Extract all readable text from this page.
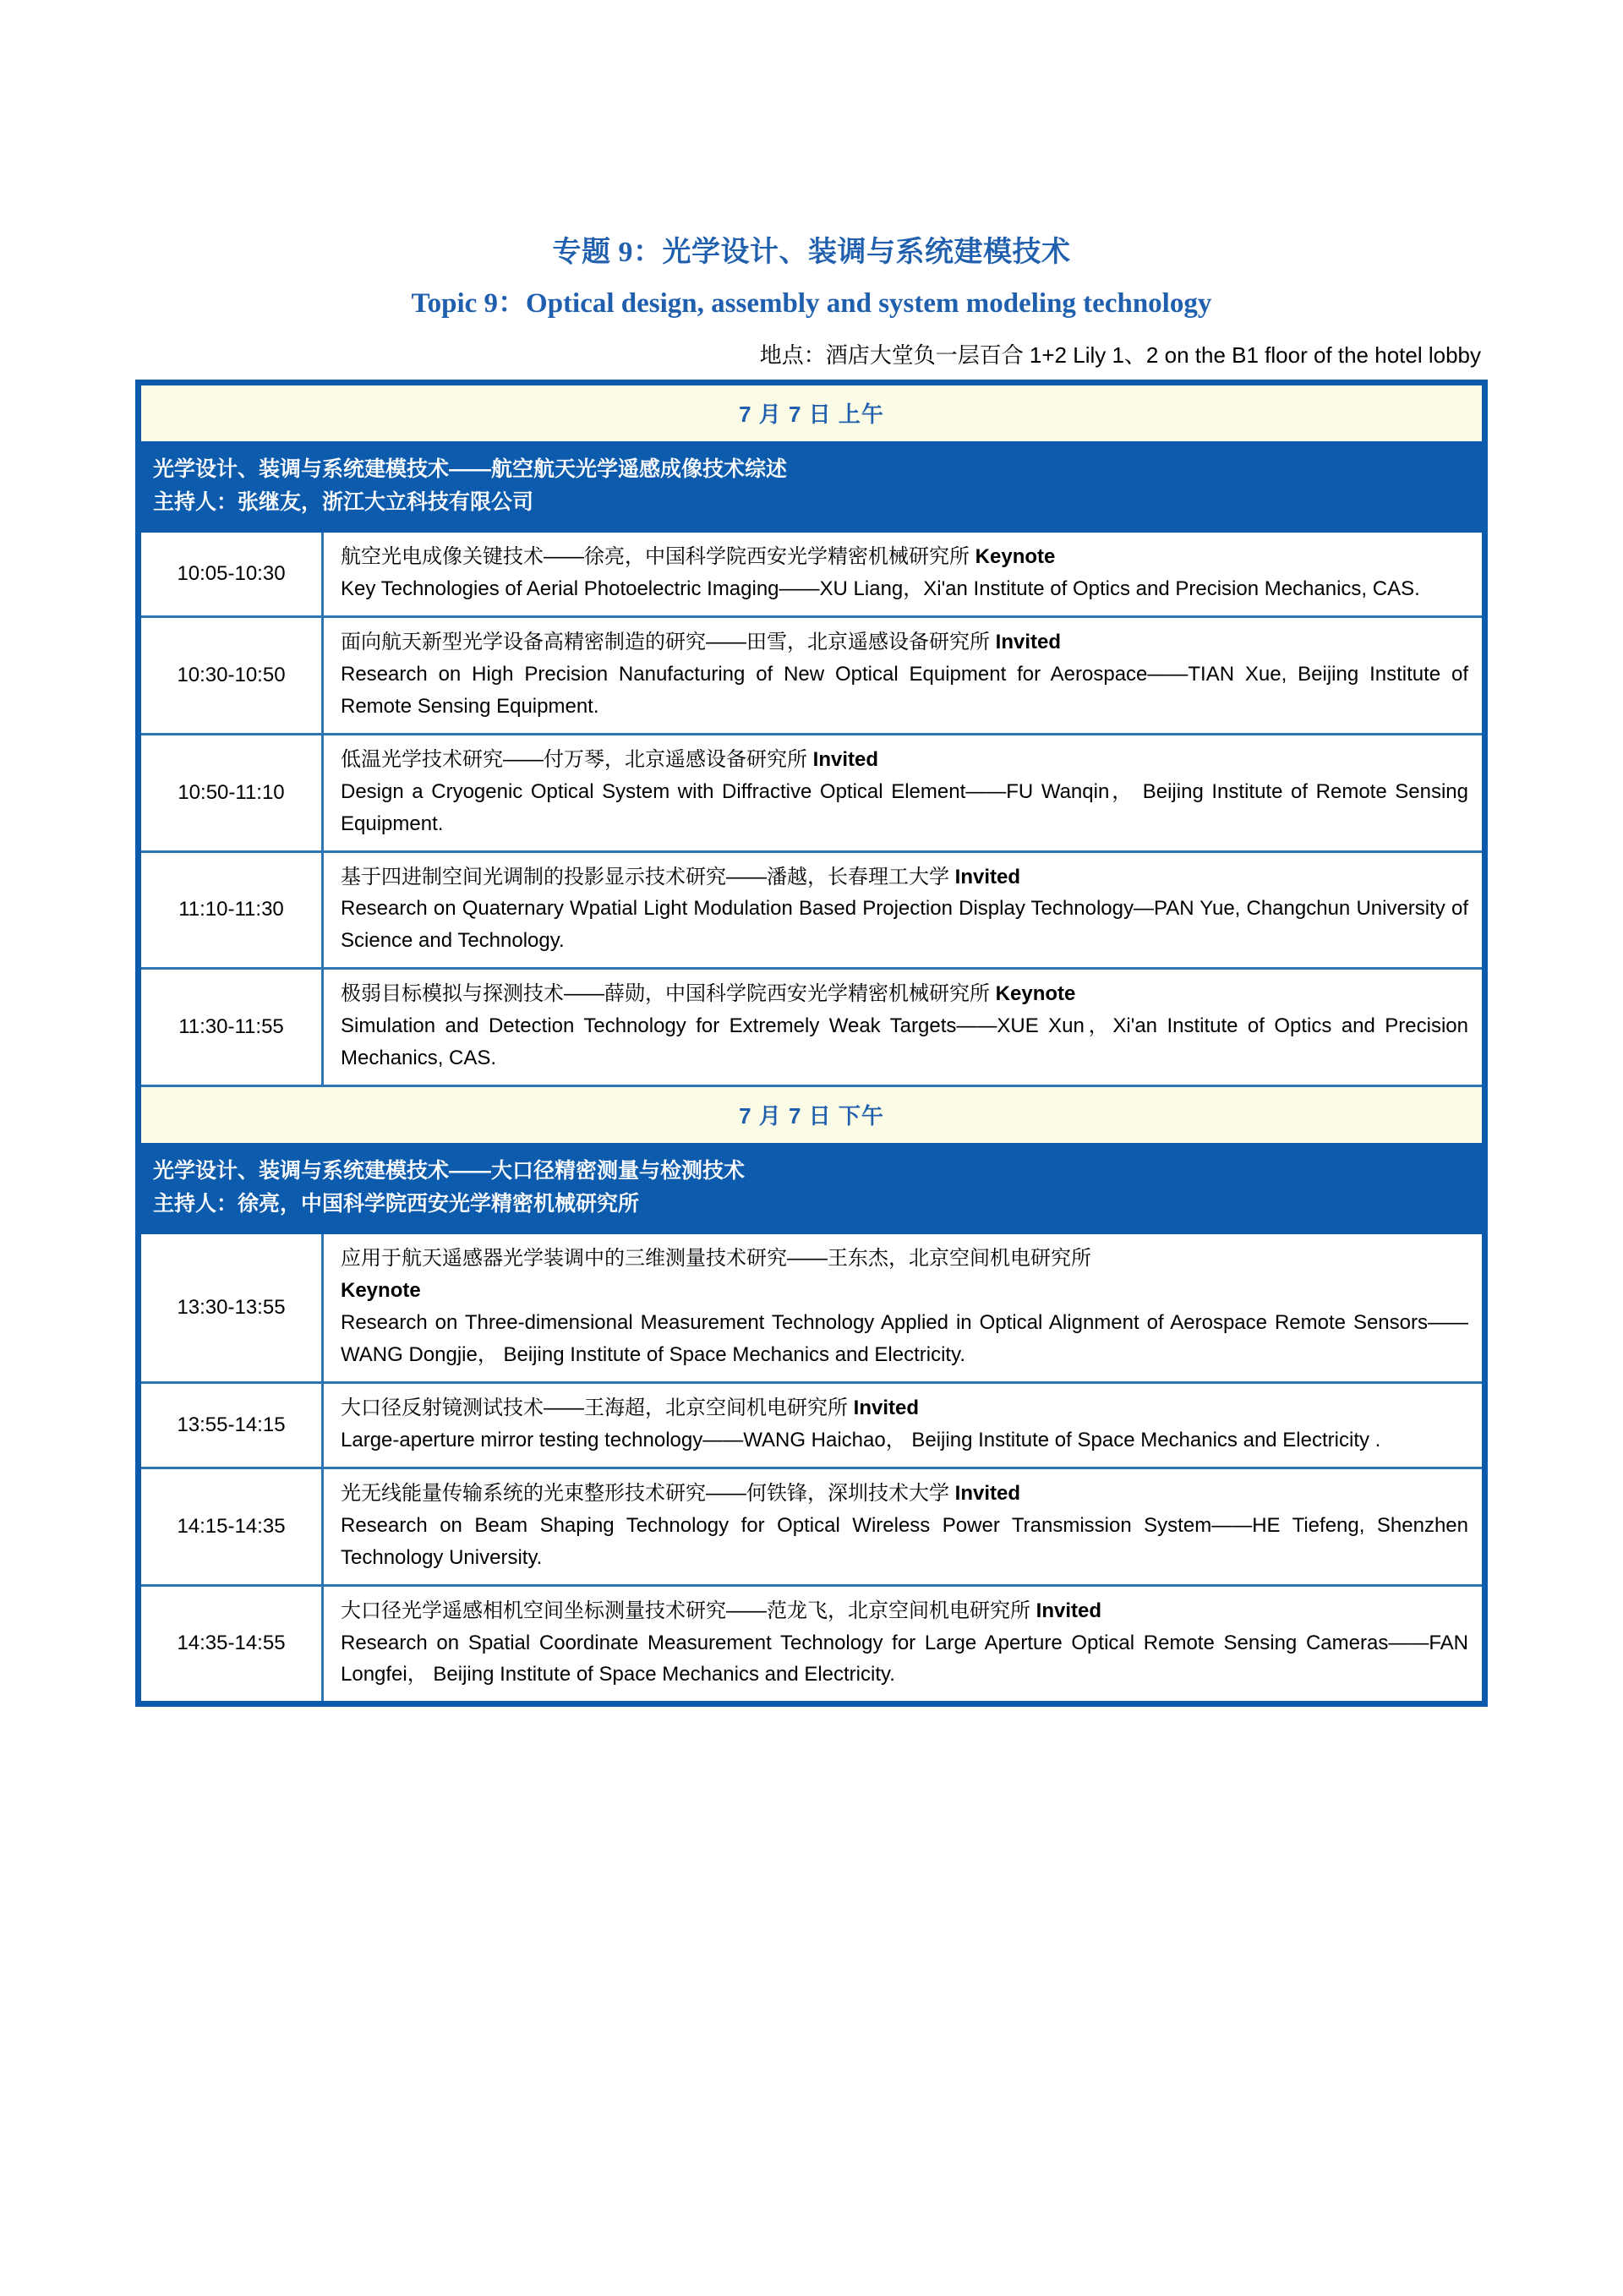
专题 9：光学设计、装调与系统建模技术
Topic 9：Optical design, assembly and system modeling technology
地点：酒店大堂负一层百合 1+2 Lily 1、2 on the B1 floor of the hotel lobby
7 月 7 日 上午	

光学设计、装调与系统建模技术——航空航天光学遥感成像技术综述
主持人：张继友，浙江大立科技有限公司	

10:05-10:30	航空光电成像关键技术——徐亮，中国科学院西安光学精密机械研究所 Keynote
Key Technologies of Aerial Photoelectric Imaging——XU Liang，Xi'an Institute of Optics and Precision Mechanics, CAS.

10:30-10:50	面向航天新型光学设备高精密制造的研究——田雪，北京遥感设备研究所 Invited
Research on High Precision Nanufacturing of New Optical Equipment for Aerospace——TIAN Xue, Beijing Institute of Remote Sensing Equipment.

10:50-11:10	低温光学技术研究——付万琴，北京遥感设备研究所 Invited
Design a Cryogenic Optical System with Diffractive Optical Element——FU Wanqin， Beijing Institute of Remote Sensing Equipment.

11:10-11:30	基于四进制空间光调制的投影显示技术研究——潘越，长春理工大学 Invited
Research on Quaternary Wpatial Light Modulation Based Projection Display Technology—PAN Yue, Changchun University of Science and Technology.

11:30-11:55	极弱目标模拟与探测技术——薛勋，中国科学院西安光学精密机械研究所 Keynote
Simulation and Detection Technology for Extremely Weak Targets——XUE Xun，Xi'an Institute of Optics and Precision Mechanics, CAS.

7 月 7 日 下午	

光学设计、装调与系统建模技术——大口径精密测量与检测技术
主持人：徐亮，中国科学院西安光学精密机械研究所	

13:30-13:55	应用于航天遥感器光学装调中的三维测量技术研究——王东杰，北京空间机电研究所
Keynote
Research on Three-dimensional Measurement Technology Applied in Optical Alignment of Aerospace Remote Sensors——WANG Dongjie， Beijing Institute of Space Mechanics and Electricity.

13:55-14:15	大口径反射镜测试技术——王海超，北京空间机电研究所 Invited
Large-aperture mirror testing technology——WANG Haichao， Beijing Institute of Space Mechanics and Electricity .

14:15-14:35	光无线能量传输系统的光束整形技术研究——何铁锋，深圳技术大学 Invited
Research on Beam Shaping Technology for Optical Wireless Power Transmission System——HE Tiefeng, Shenzhen Technology University.

14:35-14:55	大口径光学遥感相机空间坐标测量技术研究——范龙飞，北京空间机电研究所 Invited
Research on Spatial Coordinate Measurement Technology for Large Aperture Optical Remote Sensing Cameras——FAN Longfei， Beijing Institute of Space Mechanics and Electricity.
